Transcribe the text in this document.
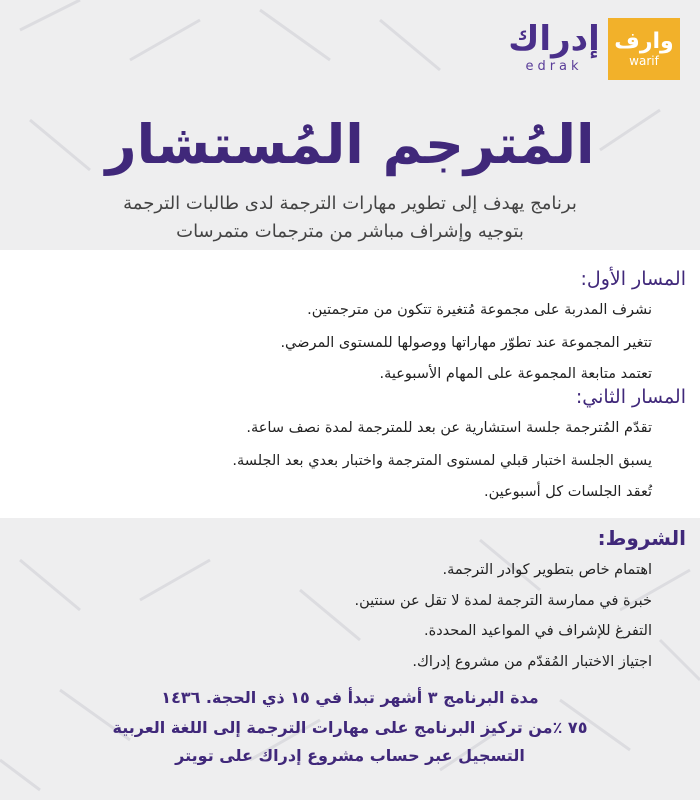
وارف
warif
إدراك
edrak
المُترجم المُستشار
برنامج يهدف إلى تطوير مهارات الترجمة لدى طالبات الترجمة
بتوجيه وإشراف مباشر من مترجمات متمرسات
المسار الأول:
نشرف المدربة على مجموعة مُتغيرة تتكون من مترجمتين.
تتغير المجموعة عند تطوّر مهاراتها ووصولها للمستوى المرضي.
تعتمد متابعة المجموعة على المهام الأسبوعية.
المسار الثاني:
تقدّم المُترجمة جلسة استشارية عن بعد للمترجمة لمدة نصف ساعة.
يسبق الجلسة اختبار قبلي لمستوى المترجمة واختبار بعدي بعد الجلسة.
تُعقد الجلسات كل أسبوعين.
الشروط:
اهتمام خاص بتطوير كوادر الترجمة.
خبرة في ممارسة الترجمة لمدة لا تقل عن سنتين.
التفرغ للإشراف في المواعيد المحددة.
اجتياز الاختبار المُقدّم من مشروع إدراك.
مدة البرنامج ٣ أشهر تبدأ في ١٥ ذي الحجة. ١٤٣٦
٧٥ ٪من تركيز البرنامج على مهارات الترجمة إلى اللغة العربية
التسجيل عبر حساب مشروع إدراك على تويتر
